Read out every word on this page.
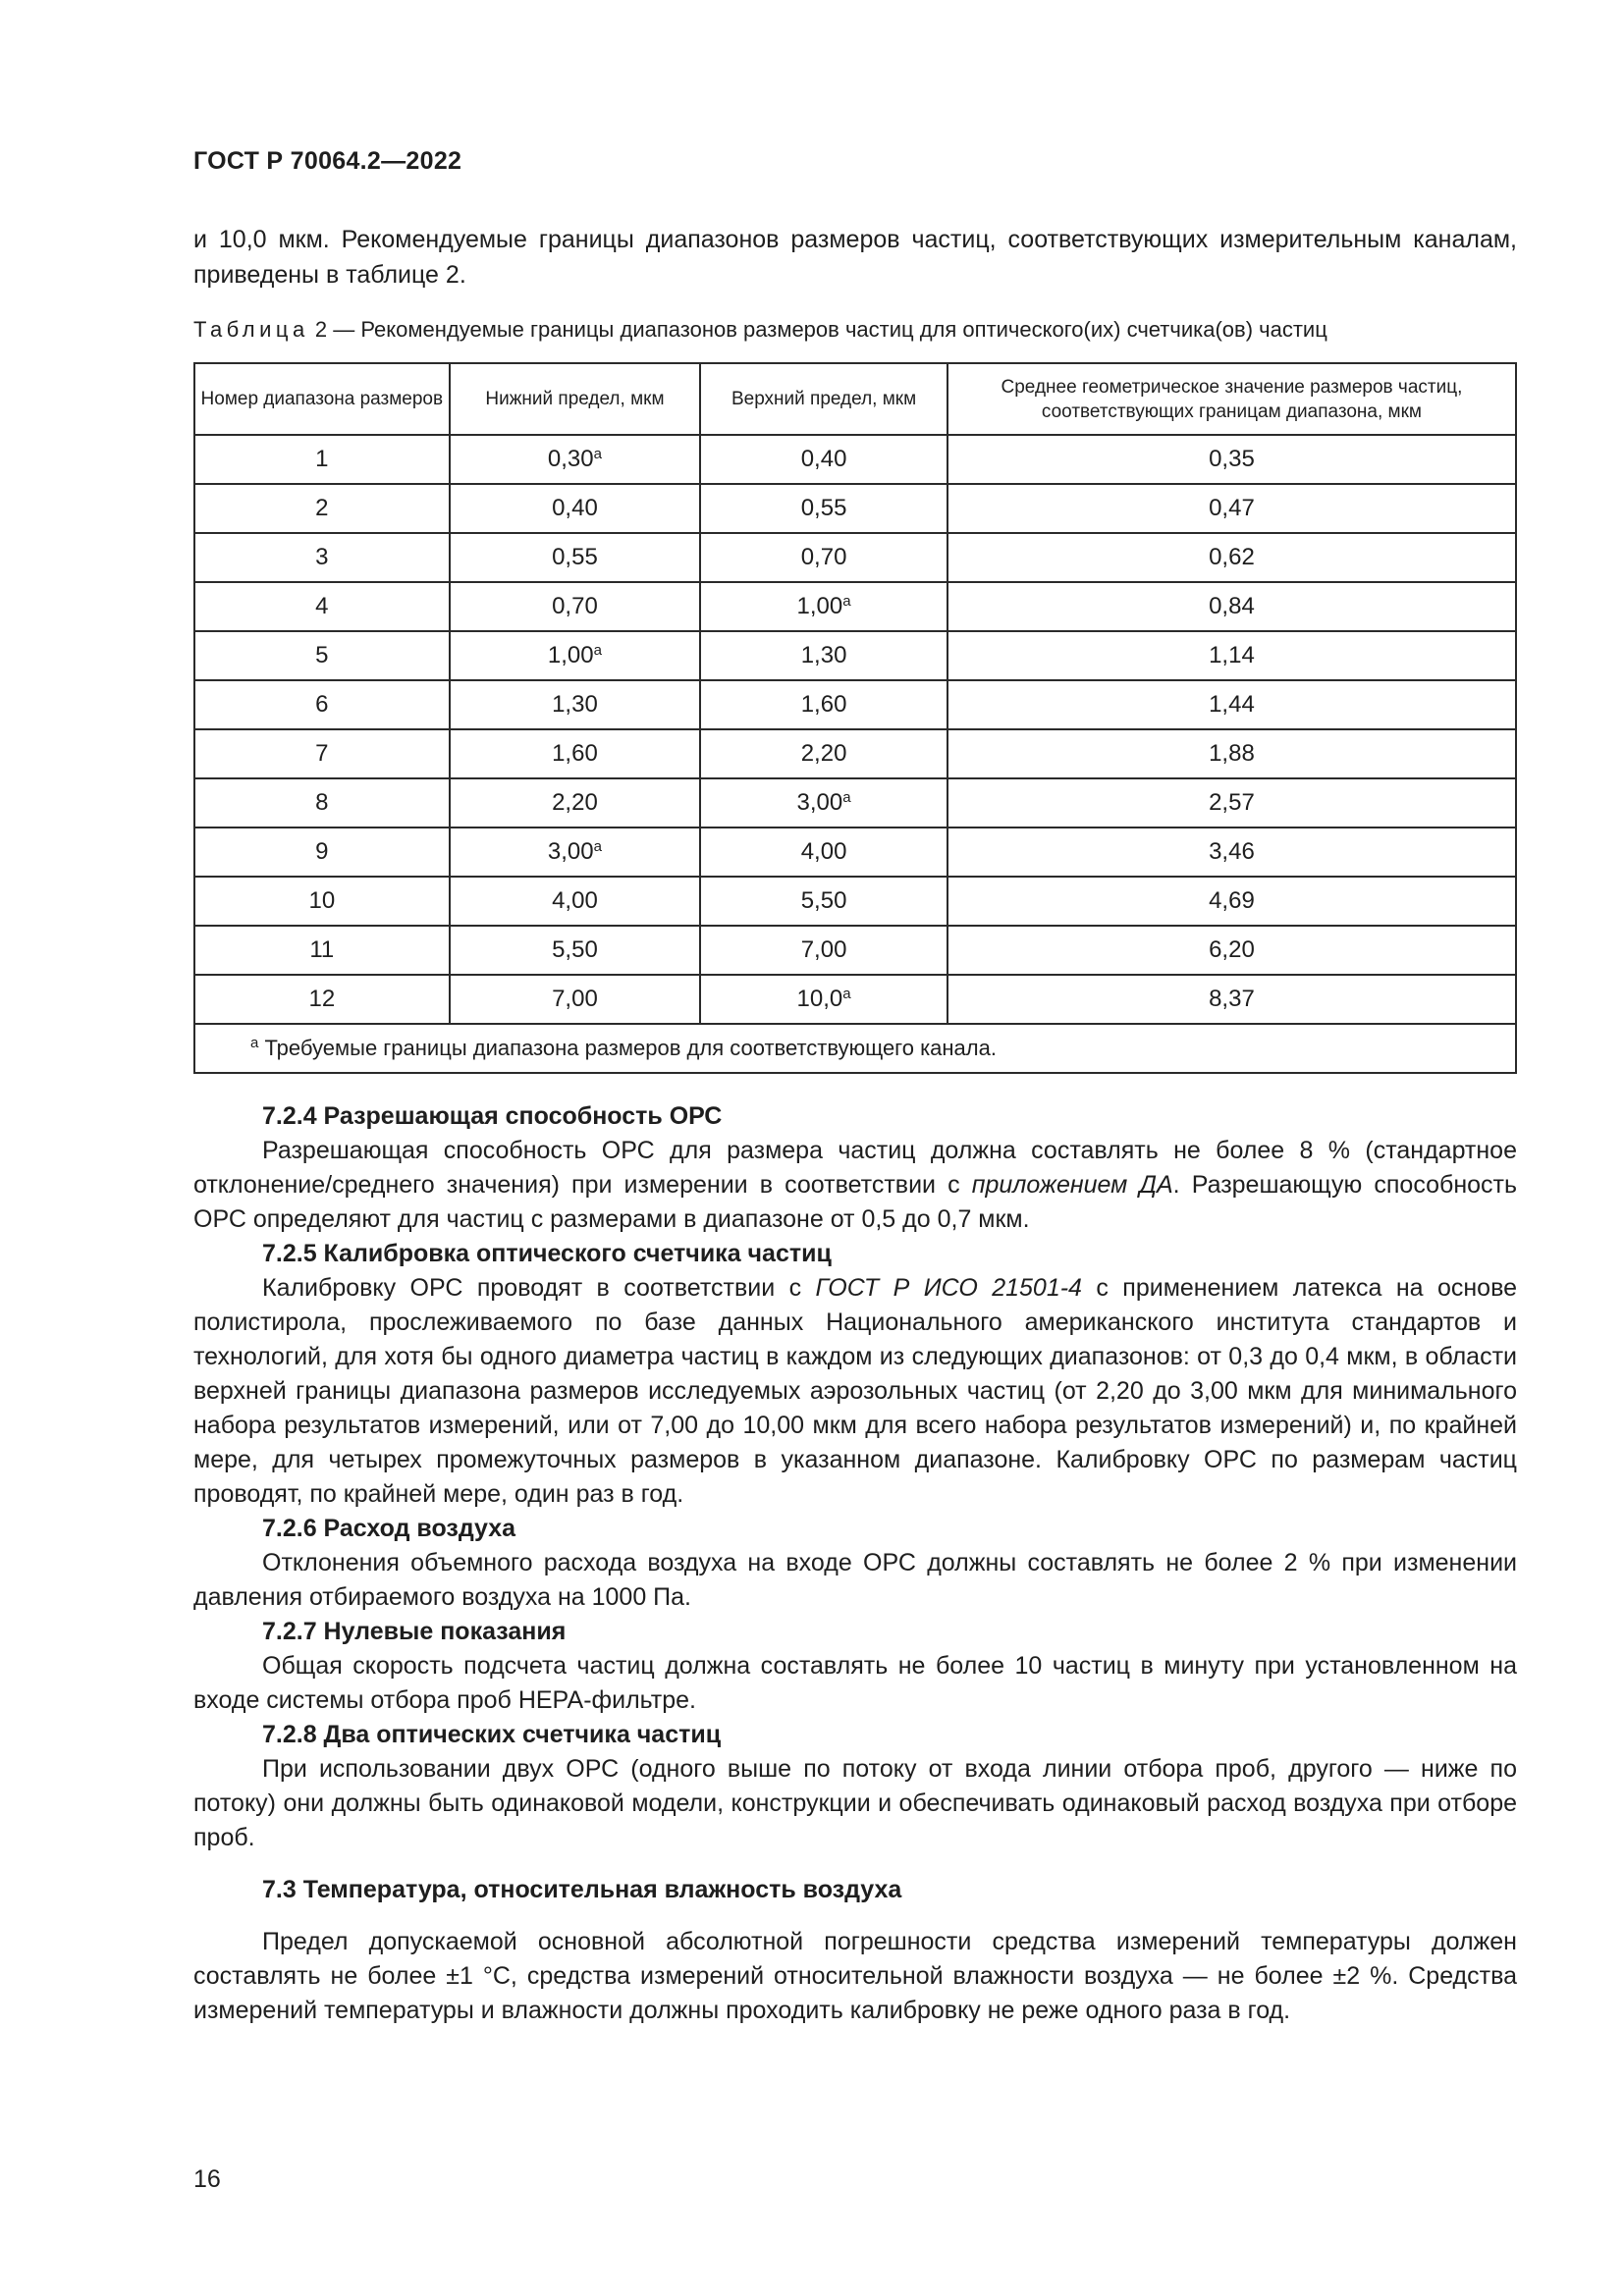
ГОСТ Р 70064.2—2022

и 10,0 мкм. Рекомендуемые границы диапазонов размеров частиц, соответствующих измерительным каналам, приведены в таблице 2.

Таблица 2 — Рекомендуемые границы диапазонов размеров частиц для оптического(их) счетчика(ов) частиц
Номер диапазона размеров	Нижний предел, мкм	Верхний предел, мкм	Среднее геометрическое значение размеров частиц, соответствующих границам диапазона, мкм
1	$0,30^а$	0,40	0,35
2	0,40	0,55	0,47
3	0,55	0,70	0,62
4	0,70	$1,00^а$	0,84
5	$1,00^а$	1,30	1,14
6	1,30	1,60	1,44
7	1,60	2,20	1,88
8	2,20	$3,00^а$	2,57
9	$3,00^а$	4,00	3,46
10	4,00	5,50	4,69
11	5,50	7,00	6,20
12	7,00	$10,0^а$	8,37
$^а$ Требуемые границы диапазона размеров для соответствующего канала.			
7.2.4 Разрешающая способность ОРС

Разрешающая способность ОРС для размера частиц должна составлять не более 8 % (стандартное отклонение/среднего значения) при измерении в соответствии с приложением ДА. Разрешающую способность ОРС определяют для частиц с размерами в диапазоне от 0,5 до 0,7 мкм.

7.2.5 Калибровка оптического счетчика частиц

Калибровку ОРС проводят в соответствии с ГОСТ Р ИСО 21501-4 с применением латекса на основе полистирола, прослеживаемого по базе данных Национального американского института стандартов и технологий, для хотя бы одного диаметра частиц в каждом из следующих диапазонов: от 0,3 до 0,4 мкм, в области верхней границы диапазона размеров исследуемых аэрозольных частиц (от 2,20 до 3,00 мкм для минимального набора результатов измерений, или от 7,00 до 10,00 мкм для всего набора результатов измерений) и, по крайней мере, для четырех промежуточных размеров в указанном диапазоне. Калибровку ОРС по размерам частиц проводят, по крайней мере, один раз в год.

7.2.6 Расход воздуха

Отклонения объемного расхода воздуха на входе ОРС должны составлять не более 2 % при изменении давления отбираемого воздуха на 1000 Па.

7.2.7 Нулевые показания

Общая скорость подсчета частиц должна составлять не более 10 частиц в минуту при установленном на входе системы отбора проб НЕРА-фильтре.

7.2.8 Два оптических счетчика частиц

При использовании двух ОРС (одного выше по потоку от входа линии отбора проб, другого — ниже по потоку) они должны быть одинаковой модели, конструкции и обеспечивать одинаковый расход воздуха при отборе проб.

7.3 Температура, относительная влажность воздуха

Предел допускаемой основной абсолютной погрешности средства измерений температуры должен составлять не более ±1 °С, средства измерений относительной влажности воздуха — не более ±2 %. Средства измерений температуры и влажности должны проходить калибровку не реже одного раза в год.

16
